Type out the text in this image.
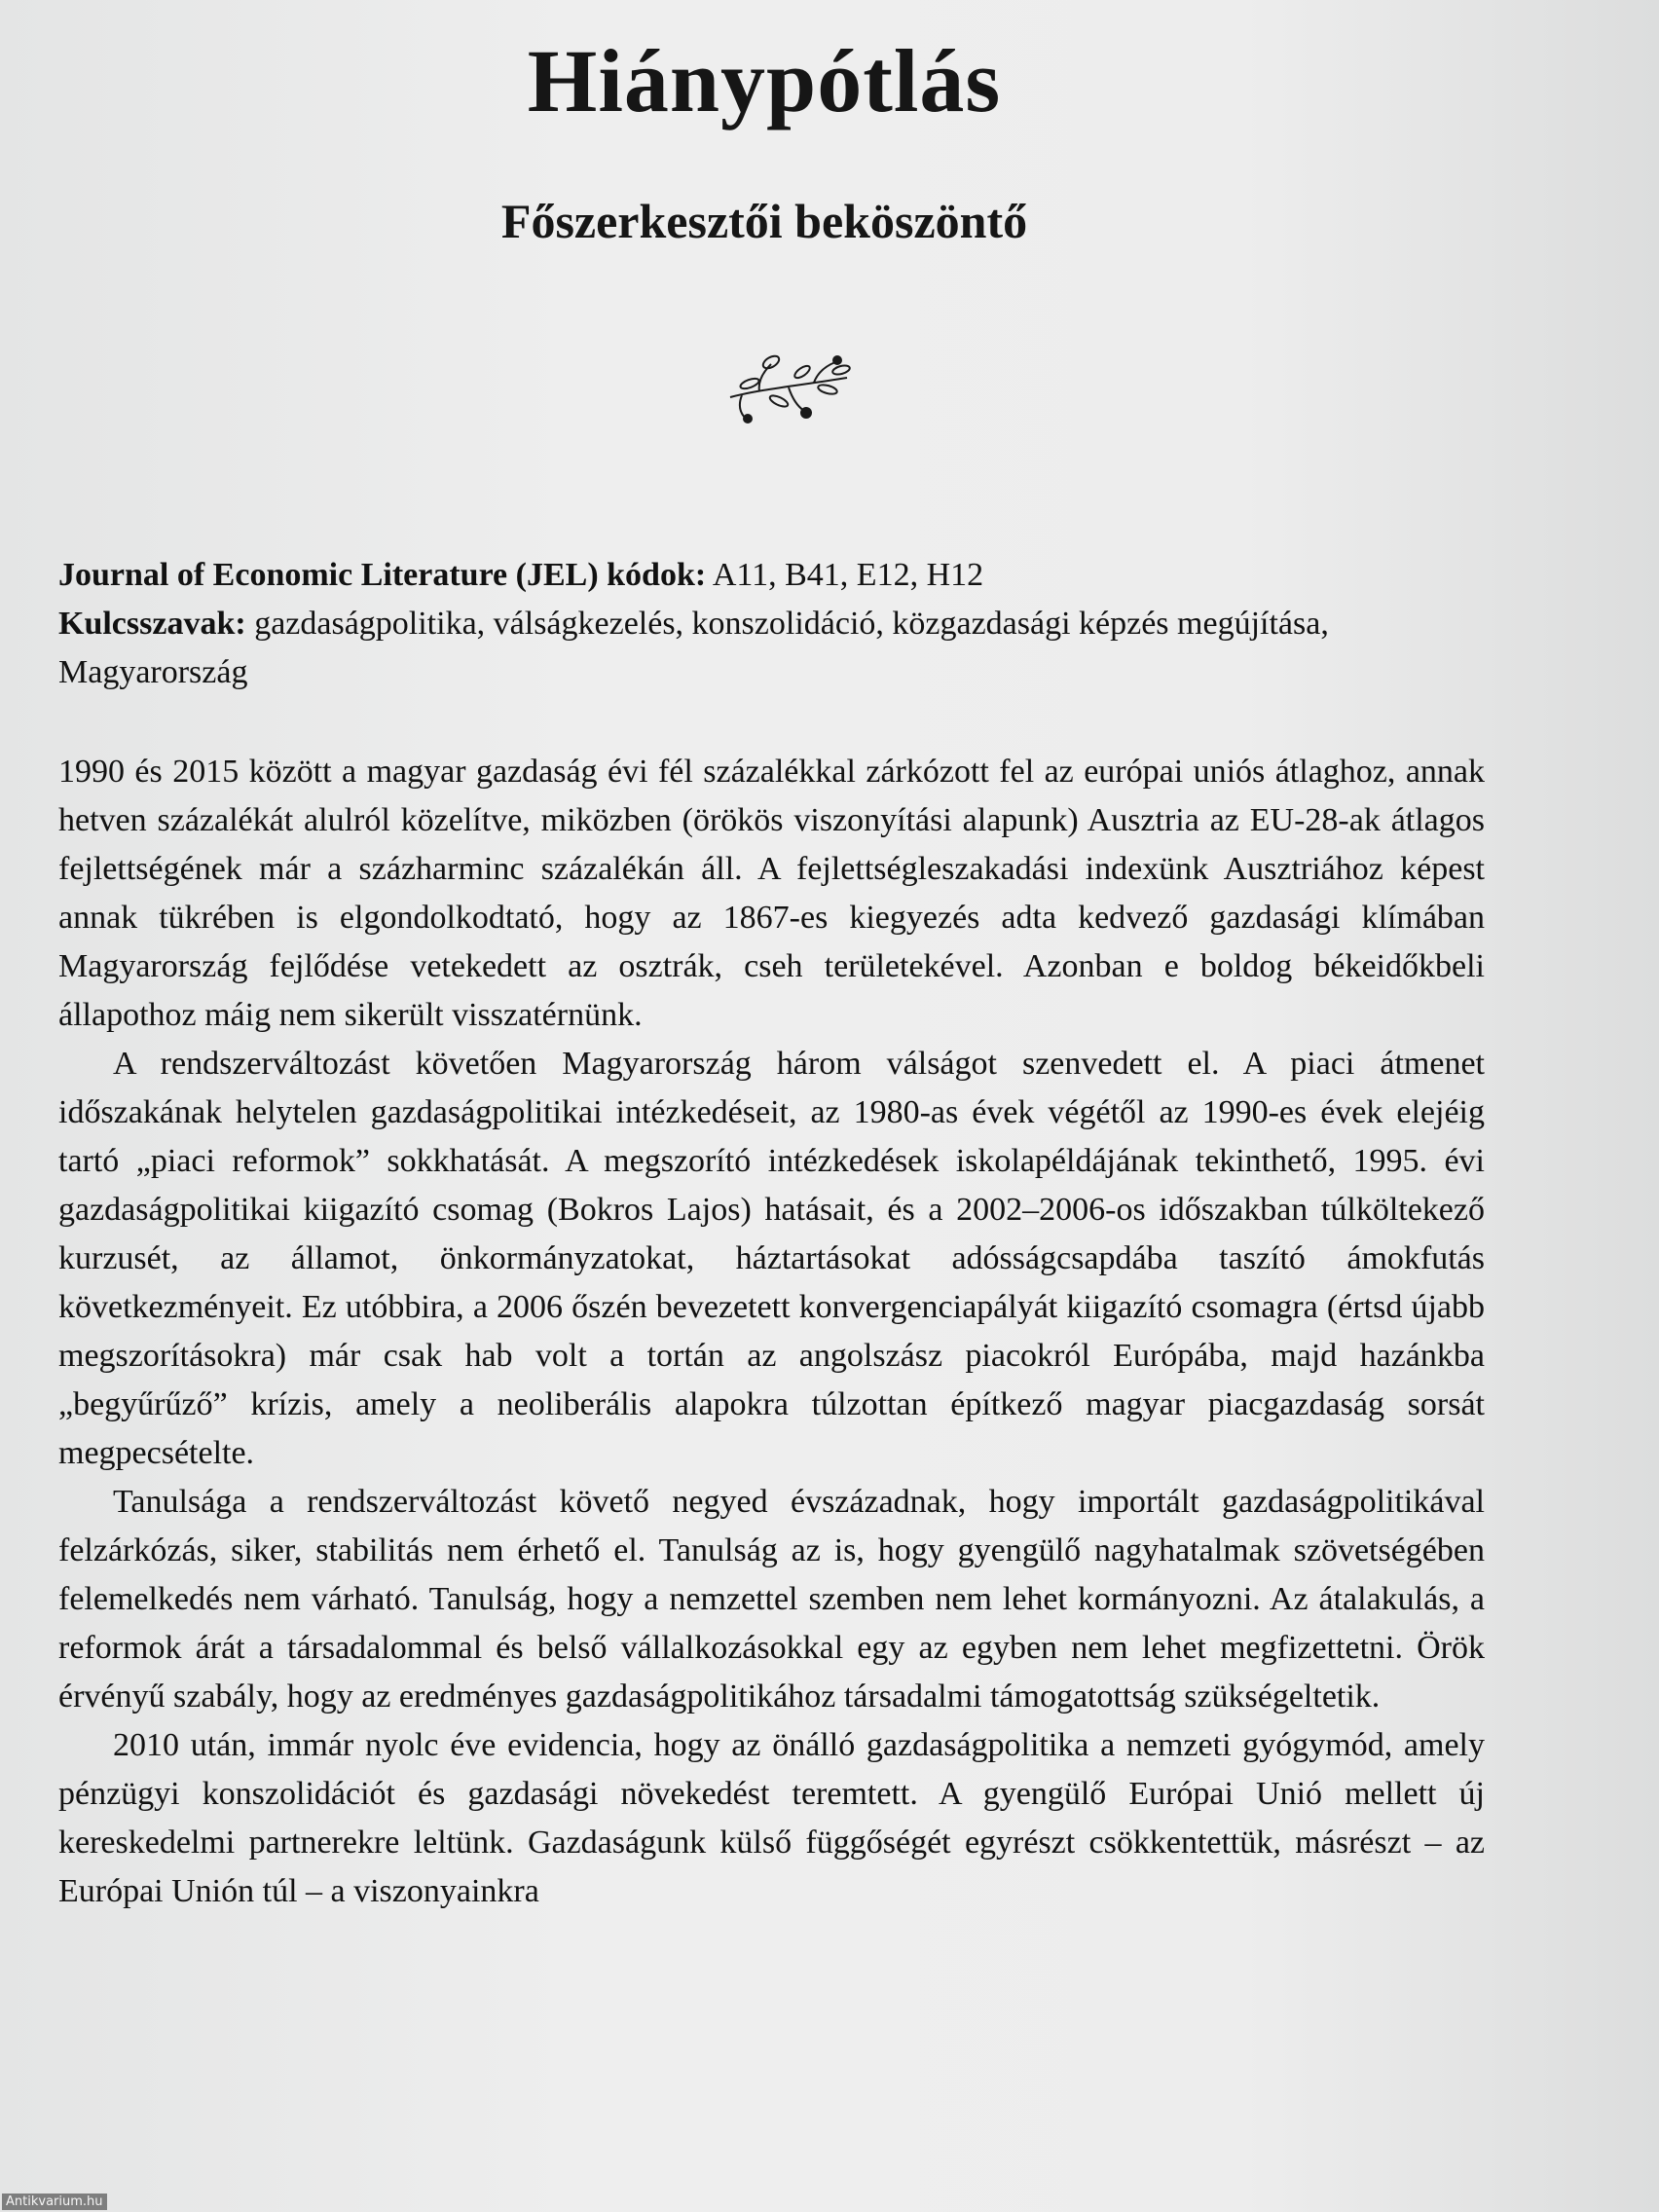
Hiánypótlás
Főszerkesztői beköszöntő
Journal of Economic Literature (JEL) kódok: A11, B41, E12, H12
Kulcsszavak: gazdaságpolitika, válságkezelés, konszolidáció, közgazdasági képzés megújítása, Magyarország

1990 és 2015 között a magyar gazdaság évi fél százalékkal zárkózott fel az európai uniós átlaghoz, annak hetven százalékát alulról közelítve, miközben (örökös viszonyítási alapunk) Ausztria az EU-28-ak átlagos fejlettségének már a százharminc százalékán áll. A fejlettségleszakadási indexünk Ausztriához képest annak tükrében is elgondolkodtató, hogy az 1867-es kiegyezés adta kedvező gazdasági klímában Magyarország fejlődése vetekedett az osztrák, cseh területekével. Azonban e boldog békeidőkbeli állapothoz máig nem sikerült visszatérnünk.

A rendszerváltozást követően Magyarország három válságot szenvedett el. A piaci átmenet időszakának helytelen gazdaságpolitikai intézkedéseit, az 1980-as évek végétől az 1990-es évek elejéig tartó „piaci reformok” sokkhatását. A megszorító intézkedések iskolapéldájának tekinthető, 1995. évi gazdaságpolitikai kiigazító csomag (Bokros Lajos) hatásait, és a 2002–2006-os időszakban túlköltekező kurzusét, az államot, önkormányzatokat, háztartásokat adósságcsapdába taszító ámokfutás következményeit. Ez utóbbira, a 2006 őszén bevezetett konvergenciapályát kiigazító csomagra (értsd újabb megszorításokra) már csak hab volt a tortán az angolszász piacokról Európába, majd hazánkba „begyűrűző” krízis, amely a neoliberális alapokra túlzottan építkező magyar piacgazdaság sorsát megpecsételte.

Tanulsága a rendszerváltozást követő negyed évszázadnak, hogy importált gazdaságpolitikával felzárkózás, siker, stabilitás nem érhető el. Tanulság az is, hogy gyengülő nagyhatalmak szövetségében felemelkedés nem várható. Tanulság, hogy a nemzettel szemben nem lehet kormányozni. Az átalakulás, a reformok árát a társadalommal és belső vállalkozásokkal egy az egyben nem lehet megfizettetni. Örök érvényű szabály, hogy az eredményes gazdaságpolitikához társadalmi támogatottság szükségeltetik.

2010 után, immár nyolc éve evidencia, hogy az önálló gazdaságpolitika a nemzeti gyógymód, amely pénzügyi konszolidációt és gazdasági növekedést teremtett. A gyengülő Európai Unió mellett új kereskedelmi partnerekre leltünk. Gazdaságunk külső függőségét egyrészt csökkentettük, másrészt – az Európai Unión túl – a viszonyainkra

Antikvarium.hu
